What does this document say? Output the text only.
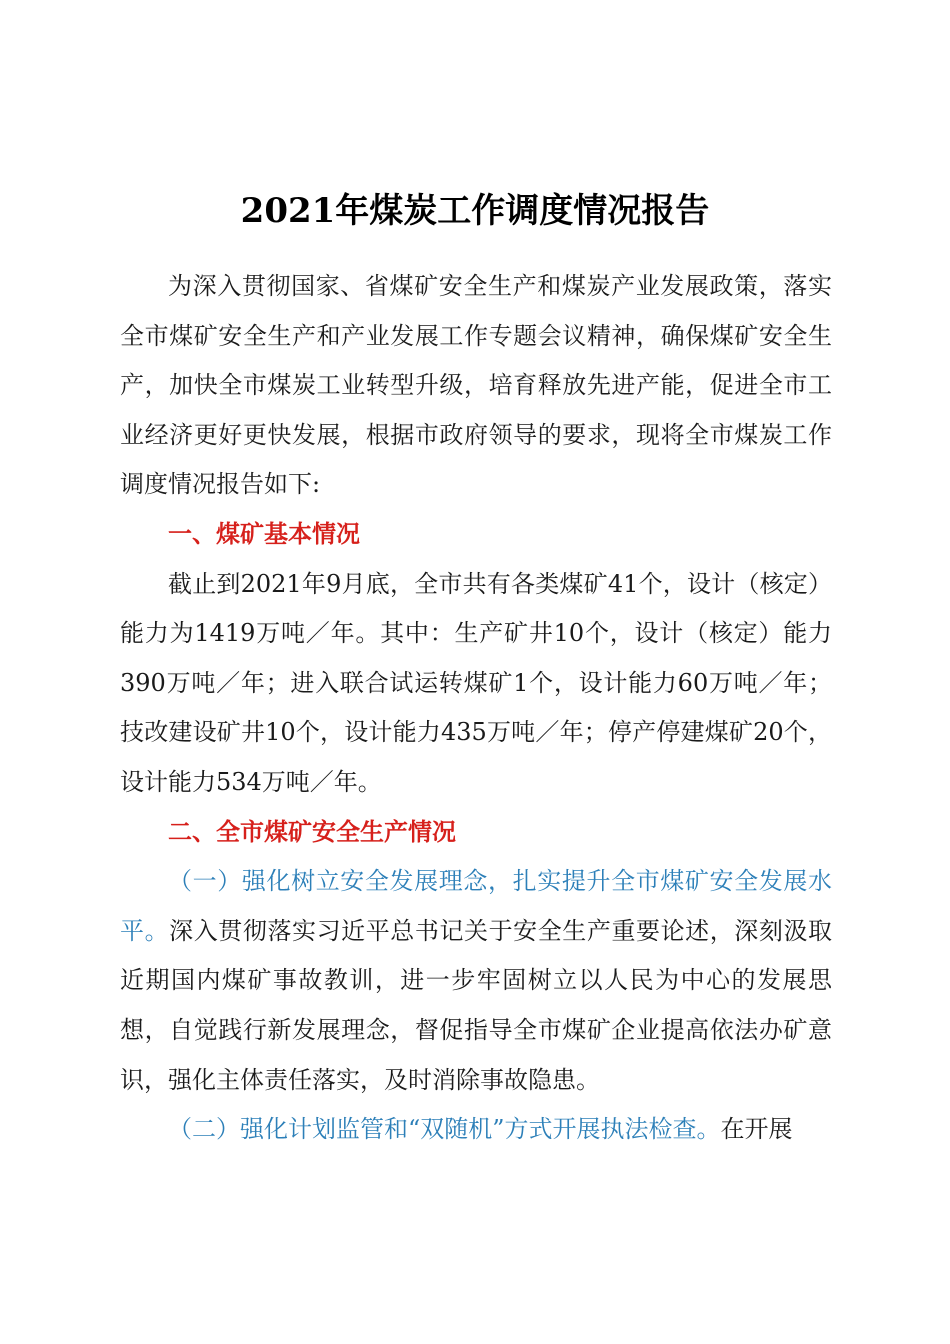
2021年煤炭工作调度情况报告

为深入贯彻国家、省煤矿安全生产和煤炭产业发展政策，落实全市煤矿安全生产和产业发展工作专题会议精神，确保煤矿安全生产，加快全市煤炭工业转型升级，培育释放先进产能，促进全市工业经济更好更快发展，根据市政府领导的要求，现将全市煤炭工作调度情况报告如下:

一、煤矿基本情况

截止到2021年9月底，全市共有各类煤矿41个，设计（核定）能力为1419万吨／年。其中：生产矿井10个，设计（核定）能力390万吨／年；进入联合试运转煤矿1个，设计能力60万吨／年；技改建设矿井10个，设计能力435万吨／年；停产停建煤矿20个，设计能力534万吨／年。

二、全市煤矿安全生产情况

（一）强化树立安全发展理念，扎实提升全市煤矿安全发展水平。深入贯彻落实习近平总书记关于安全生产重要论述，深刻汲取近期国内煤矿事故教训，进一步牢固树立以人民为中心的发展思想，自觉践行新发展理念，督促指导全市煤矿企业提高依法办矿意识，强化主体责任落实，及时消除事故隐患。

（二）强化计划监管和“双随机”方式开展执法检查。在开展
